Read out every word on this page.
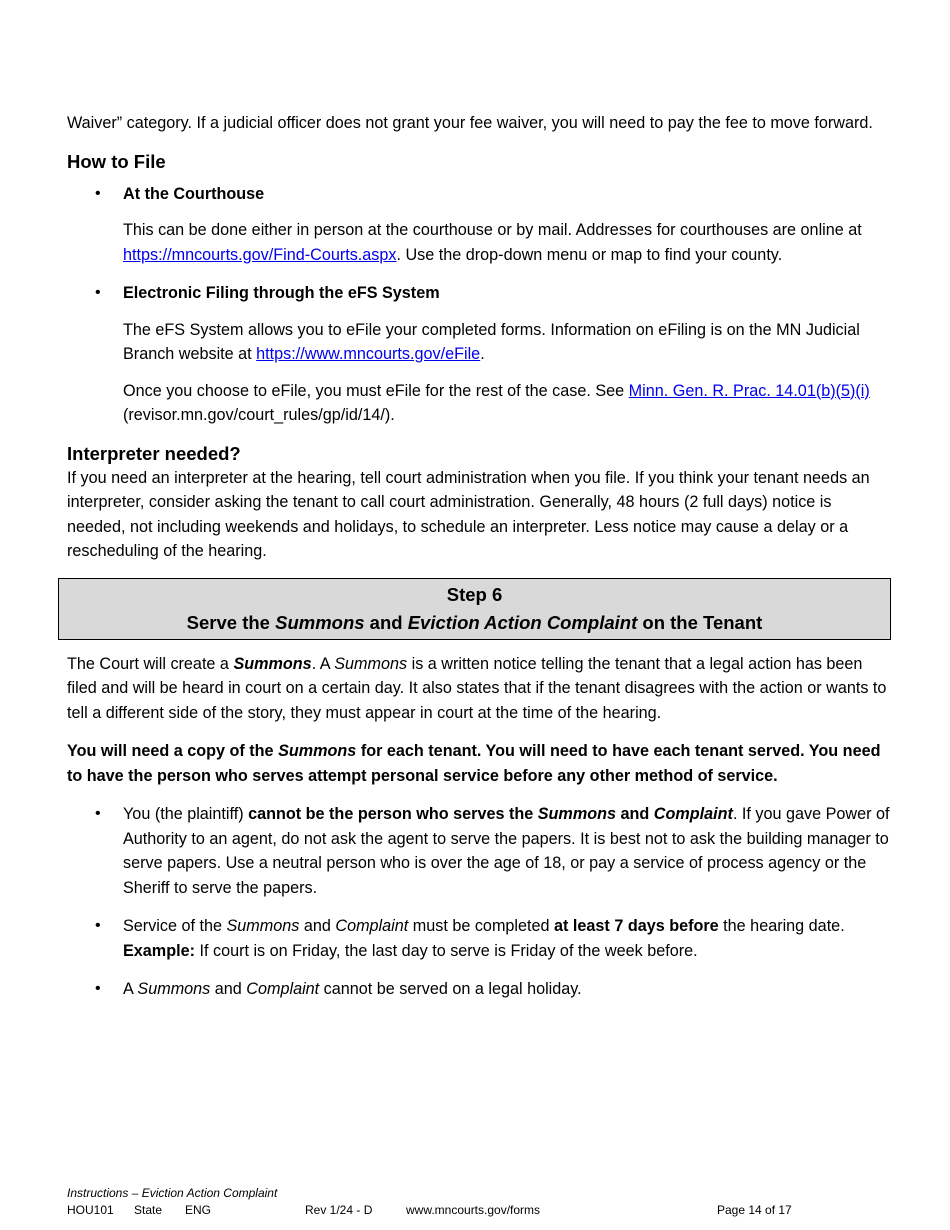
Waiver” category. If a judicial officer does not grant your fee waiver, you will need to pay the fee to move forward.

How to File
• At the Courthouse

This can be done either in person at the courthouse or by mail. Addresses for courthouses are online at https://mncourts.gov/Find-Courts.aspx. Use the drop-down menu or map to find your county.

• Electronic Filing through the eFS System

The eFS System allows you to eFile your completed forms. Information on eFiling is on the MN Judicial Branch website at https://www.mncourts.gov/eFile.

Once you choose to eFile, you must eFile for the rest of the case. See Minn. Gen. R. Prac. 14.01(b)(5)(i) (revisor.mn.gov/court_rules/gp/id/14/).

Interpreter needed?

If you need an interpreter at the hearing, tell court administration when you file. If you think your tenant needs an interpreter, consider asking the tenant to call court administration. Generally, 48 hours (2 full days) notice is needed, not including weekends and holidays, to schedule an interpreter. Less notice may cause a delay or a rescheduling of the hearing.

Step 6
Serve the Summons and Eviction Action Complaint on the Tenant

The Court will create a Summons. A Summons is a written notice telling the tenant that a legal action has been filed and will be heard in court on a certain day. It also states that if the tenant disagrees with the action or wants to tell a different side of the story, they must appear in court at the time of the hearing.

You will need a copy of the Summons for each tenant. You will need to have each tenant served. You need to have the person who serves attempt personal service before any other method of service.

• You (the plaintiff) cannot be the person who serves the Summons and Complaint. If you gave Power of Authority to an agent, do not ask the agent to serve the papers. It is best not to ask the building manager to serve papers. Use a neutral person who is over the age of 18, or pay a service of process agency or the Sheriff to serve the papers.
• Service of the Summons and Complaint must be completed at least 7 days before the hearing date. Example: If court is on Friday, the last day to serve is Friday of the week before.
• A Summons and Complaint cannot be served on a legal holiday.
Instructions – Eviction Action Complaint
HOU101 State ENG	Rev 1/24 - D	www.mncourts.gov/forms	Page 14 of 17
